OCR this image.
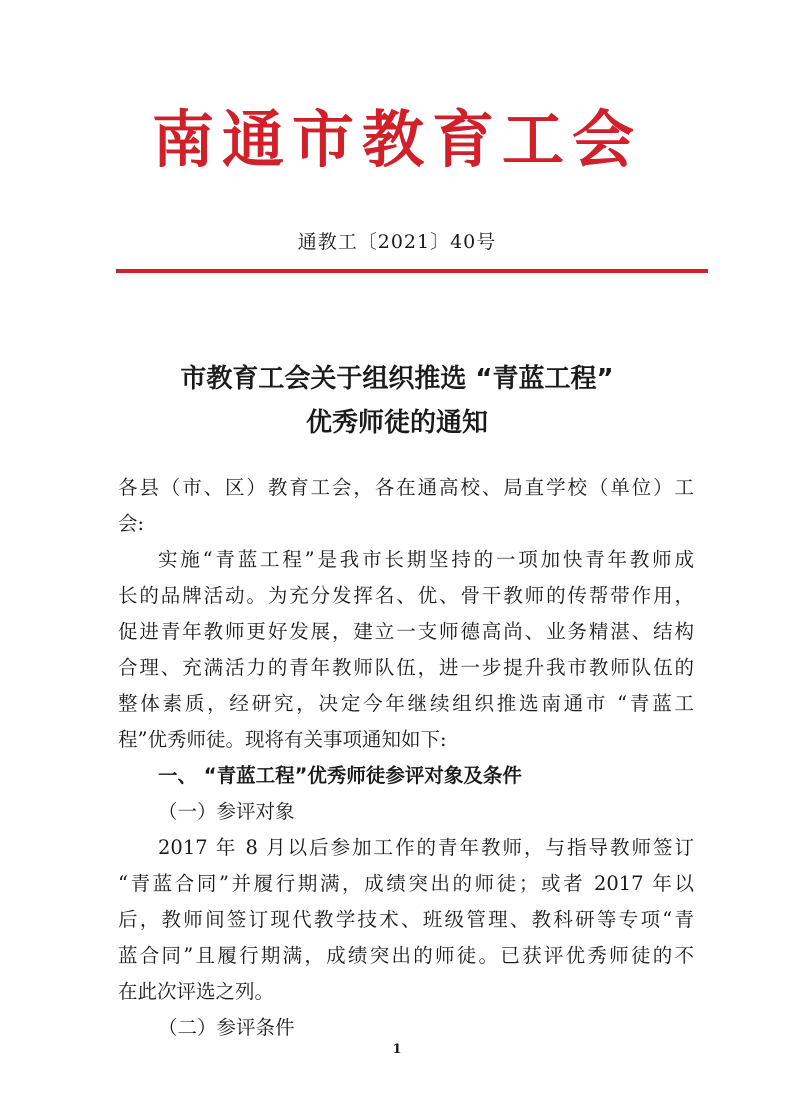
南通市教育工会
通教工〔2021〕40号
市教育工会关于组织推选 “青蓝工程”
优秀师徒的通知
各县（市、区）教育工会，各在通高校、局直学校（单位）工
会:
实施“青蓝工程”是我市长期坚持的一项加快青年教师成
长的品牌活动。为充分发挥名、优、骨干教师的传帮带作用，
促进青年教师更好发展，建立一支师德高尚、业务精湛、结构
合理、充满活力的青年教师队伍，进一步提升我市教师队伍的
整体素质，经研究，决定今年继续组织推选南通市 “青蓝工
程”优秀师徒。现将有关事项通知如下:
一、 “青蓝工程”优秀师徒参评对象及条件
（一）参评对象
2017 年 8 月以后参加工作的青年教师，与指导教师签订
“青蓝合同”并履行期满，成绩突出的师徒；或者 2017 年以
后，教师间签订现代教学技术、班级管理、教科研等专项“青
蓝合同”且履行期满，成绩突出的师徒。已获评优秀师徒的不
在此次评选之列。
（二）参评条件
1
